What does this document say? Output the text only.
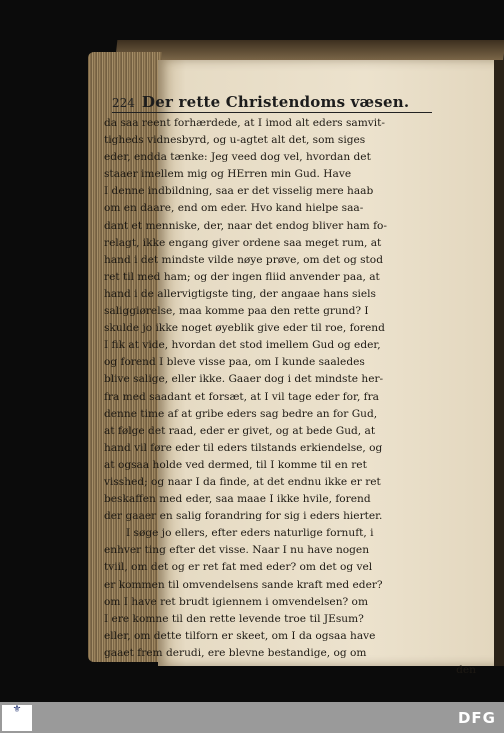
224 Der rette Christendoms væsen.
da saa reent forhærdede, at I imod alt eders samvit-
tigheds vidnesbyrd, og u-agtet alt det, som siges
eder, endda tænke: Jeg veed dog vel, hvordan det
staaer imellem mig og HErren min Gud. Have
I denne indbildning, saa er det visselig mere haab
om en daare, end om eder. Hvo kand hielpe saa-
dant et menniske, der, naar det endog bliver ham fo-
relagt, ikke engang giver ordene saa meget rum, at
hand i det mindste vilde nøye prøve, om det og stod
ret til med ham; og der ingen fliid anvender paa, at
hand i de allervigtigste ting, der angaae hans siels
saliggiørelse, maa komme paa den rette grund? I
skulde jo ikke noget øyeblik give eder til roe, forend
I fik at vide, hvordan det stod imellem Gud og eder,
og forend I bleve visse paa, om I kunde saaledes
blive salige, eller ikke. Gaaer dog i det mindste her-
fra med saadant et forsæt, at I vil tage eder for, fra
denne time af at gribe eders sag bedre an for Gud,
at følge det raad, eder er givet, og at bede Gud, at
hand vil føre eder til eders tilstands erkiendelse, og
at ogsaa holde ved dermed, til I komme til en ret
visshed; og naar I da finde, at det endnu ikke er ret
beskaffen med eder, saa maae I ikke hvile, forend
der gaaer en salig forandring for sig i eders hierter.
I søge jo ellers, efter eders naturlige fornuft, i
enhver ting efter det visse. Naar I nu have nogen
tviil, om det og er ret fat med eder? om det og vel
er kommen til omvendelsens sande kraft med eder?
om I have ret brudt igiennem i omvendelsen? om
I ere komne til den rette levende troe til JEsum?
eller, om dette tilforn er skeet, om I da ogsaa have
gaaet frem derudi, ere blevne bestandige, og om
den
⚜	DFG
